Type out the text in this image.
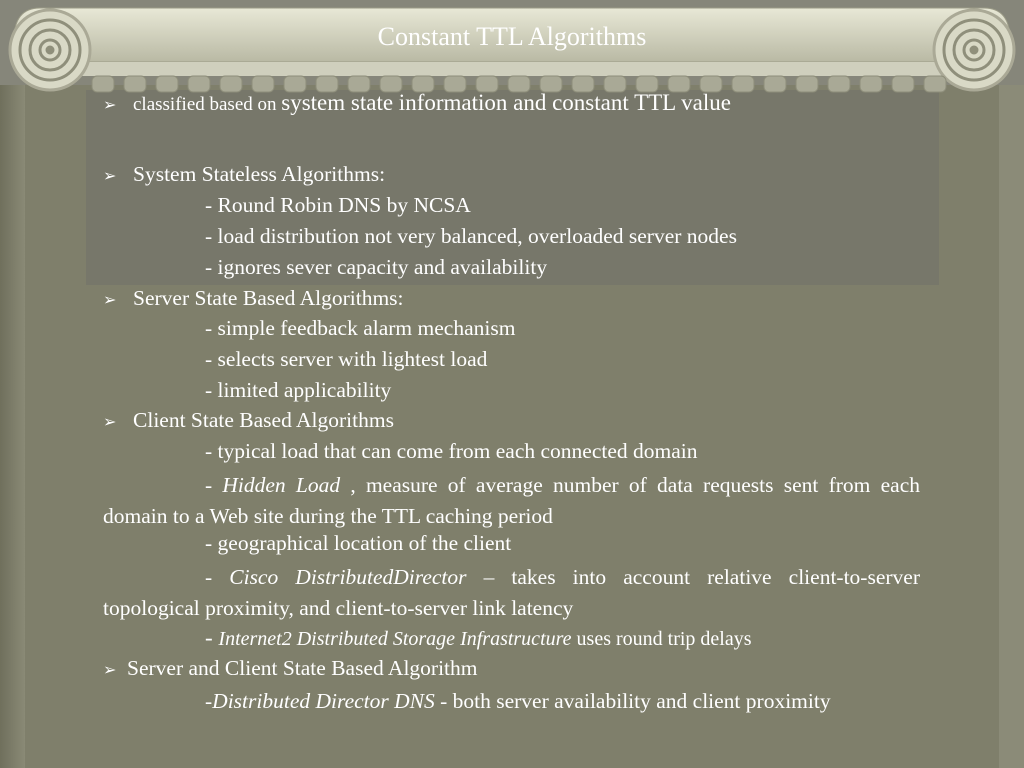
Constant TTL Algorithms

➢ classified based on system state information and constant TTL value

➢ System Stateless Algorithms:

- Round Robin DNS by NCSA

- load distribution not very balanced, overloaded server nodes

- ignores sever capacity and availability

➢ Server State Based Algorithms:

- simple feedback alarm mechanism

- selects server with lightest load

- limited applicability

➢ Client State Based Algorithms

- typical load that can come from each connected domain

- Hidden Load , measure of average number of data requests sent from each domain to a Web site during the TTL caching period

- geographical location of the client

- Cisco DistributedDirector – takes into account relative client-to-server topological proximity, and client-to-server link latency

- Internet2 Distributed Storage Infrastructure uses round trip delays

➢ Server and Client State Based Algorithm

-Distributed Director DNS - both server availability and client proximity
